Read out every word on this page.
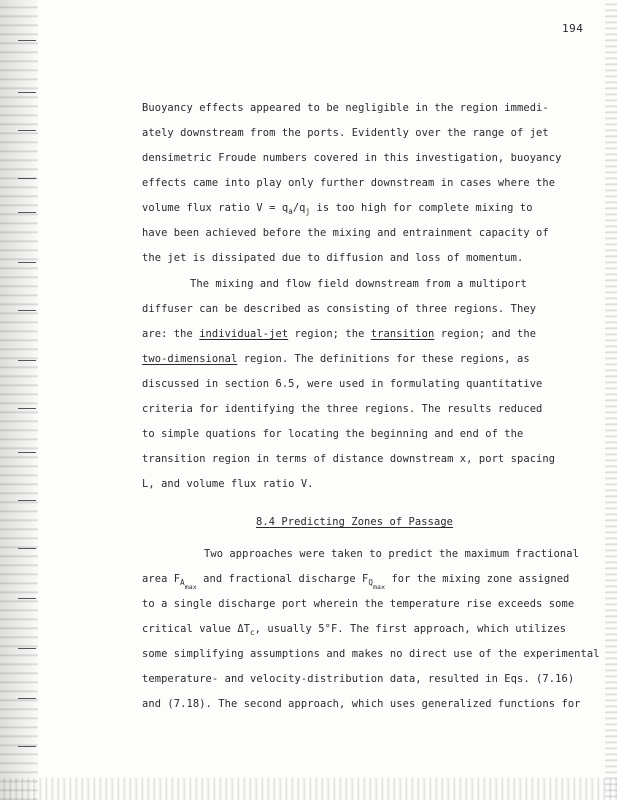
194
Buoyancy effects appeared to be negligible in the region immedi-
ately downstream from the ports. Evidently over the range of jet
densimetric Froude numbers covered in this investigation, buoyancy
effects came into play only further downstream in cases where the
volume flux ratio $V = q_a/q_j$ is too high for complete mixing to
have been achieved before the mixing and entrainment capacity of
the jet is dissipated due to diffusion and loss of momentum.
The mixing and flow field downstream from a multiport
diffuser can be described as consisting of three regions. They
are: the individual-jet region; the transition region; and the
two-dimensional region. The definitions for these regions, as
discussed in section 6.5, were used in formulating quantitative
criteria for identifying the three regions. The results reduced
to simple quations for locating the beginning and end of the
transition region in terms of distance downstream x, port spacing
L, and volume flux ratio V.
8.4 Predicting Zones of Passage
Two approaches were taken to predict the maximum fractional
area $F_{Amax}$ and fractional discharge $F_{Qmax}$ for the mixing zone assigned
to a single discharge port wherein the temperature rise exceeds some
critical value $\Delta T_c$, usually 5°F. The first approach, which utilizes
some simplifying assumptions and makes no direct use of the experimental
temperature- and velocity-distribution data, resulted in Eqs. (7.16)
and (7.18). The second approach, which uses generalized functions for
